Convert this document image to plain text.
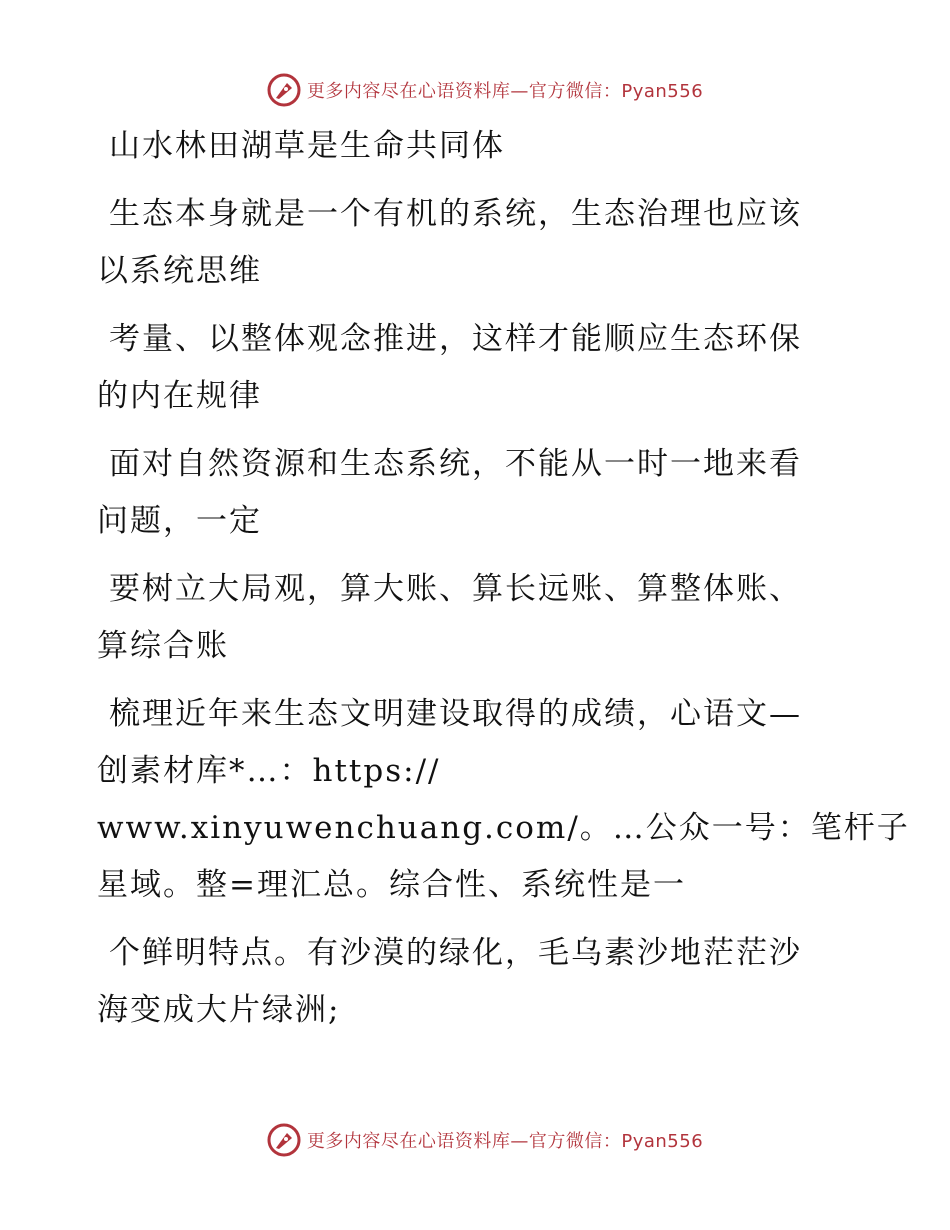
更多内容尽在心语资料库—官方微信：Pyan556

山水林田湖草是生命共同体

生态本身就是一个有机的系统，生态治理也应该
以系统思维

考量、以整体观念推进，这样才能顺应生态环保
的内在规律

面对自然资源和生态系统，不能从一时一地来看
问题，一定

要树立大局观，算大账、算长远账、算整体账、
算综合账

梳理近年来生态文明建设取得的成绩，心语文—
创素材库*…：https://
www.xinyuwenchuang.com/。…公众一号：笔杆子
星域。整=理汇总。综合性、系统性是一

个鲜明特点。有沙漠的绿化，毛乌素沙地茫茫沙
海变成大片绿洲;

更多内容尽在心语资料库—官方微信：Pyan556
